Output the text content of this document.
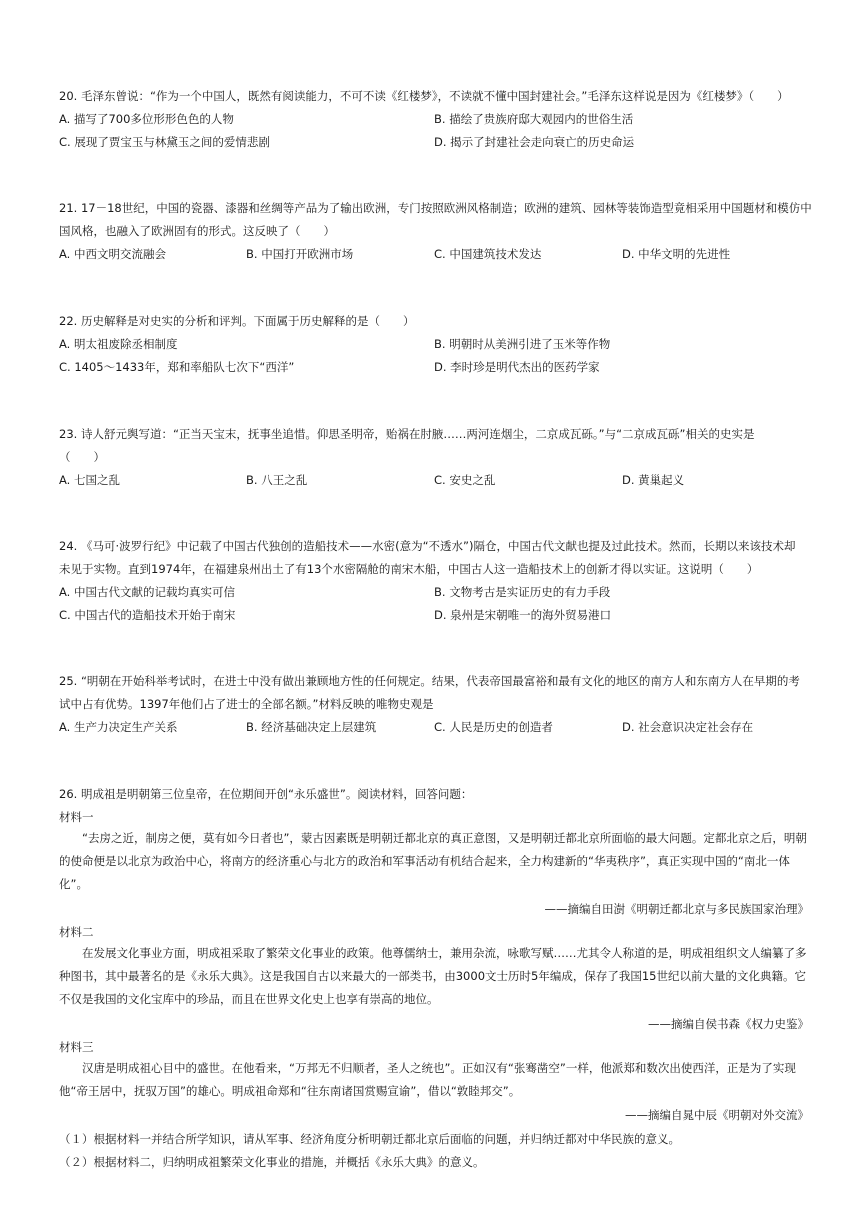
20. 毛泽东曾说：“作为一个中国人，既然有阅读能力，不可不读《红楼梦》，不读就不懂中国封建社会。”毛泽东这样说是因为《红楼梦》（　　）
A. 描写了700多位形形色色的人物	B. 描绘了贵族府邸大观园内的世俗生活
C. 展现了贾宝玉与林黛玉之间的爱情悲剧	D. 揭示了封建社会走向衰亡的历史命运
21. 17－18世纪，中国的瓷器、漆器和丝绸等产品为了输出欧洲，专门按照欧洲风格制造；欧洲的建筑、园林等装饰造型竟相采用中国题材和模仿中
国风格，也融入了欧洲固有的形式。这反映了（　　）
A. 中西文明交流融会	B. 中国打开欧洲市场	C. 中国建筑技术发达	D. 中华文明的先进性
22. 历史解释是对史实的分析和评判。下面属于历史解释的是（　　）
A. 明太祖废除丞相制度	B. 明朝时从美洲引进了玉米等作物
C. 1405～1433年，郑和率船队七次下“西洋”	D. 李时珍是明代杰出的医药学家
23. 诗人舒元舆写道：“正当天宝末，抚事坐追惜。仰思圣明帝，贻祸在肘腋……两河连烟尘，二京成瓦砾。”与“二京成瓦砾”相关的史实是
（　　）
A. 七国之乱	B. 八王之乱	C. 安史之乱	D. 黄巢起义
24. 《马可·波罗行纪》中记载了中国古代独创的造船技术——水密(意为“不透水”)隔仓，中国古代文献也提及过此技术。然而，长期以来该技术却
未见于实物。直到1974年，在福建泉州出土了有13个水密隔舱的南宋木船，中国古人这一造船技术上的创新才得以实证。这说明（　　）
A. 中国古代文献的记载均真实可信	B. 文物考古是实证历史的有力手段
C. 中国古代的造船技术开始于南宋	D. 泉州是宋朝唯一的海外贸易港口
25. “明朝在开始科举考试时，在进士中没有做出兼顾地方性的任何规定。结果，代表帝国最富裕和最有文化的地区的南方人和东南方人在早期的考
试中占有优势。1397年他们占了进士的全部名额。”材料反映的唯物史观是
A. 生产力决定生产关系	B. 经济基础决定上层建筑	C. 人民是历史的创造者	D. 社会意识决定社会存在
26. 明成祖是明朝第三位皇帝，在位期间开创“永乐盛世”。阅读材料，回答问题：
材料一
“去房之近，制房之便，莫有如今日者也”，蒙古因素既是明朝迁都北京的真正意图，又是明朝迁都北京所面临的最大问题。定都北京之后，明朝的使命便是以北京为政治中心，将南方的经济重心与北方的政治和军事活动有机结合起来，全力构建新的“华夷秩序”，真正实现中国的“南北一体化”。
——摘编自田澍《明朝迁都北京与多民族国家治理》
材料二
在发展文化事业方面，明成祖采取了繁荣文化事业的政策。他尊儒纳士，兼用杂流，咏歌写赋……尤其令人称道的是，明成祖组织文人编纂了多种图书，其中最著名的是《永乐大典》。这是我国自古以来最大的一部类书，由3000文士历时5年编成，保存了我国15世纪以前大量的文化典籍。它不仅是我国的文化宝库中的珍品，而且在世界文化史上也享有崇高的地位。
——摘编自侯书森《权力史鉴》
材料三
汉唐是明成祖心目中的盛世。在他看来，“万邦无不归顺者，圣人之统也”。正如汉有“张骞凿空”一样，他派郑和数次出使西洋，正是为了实现他“帝王居中，抚驭万国”的雄心。明成祖命郑和“往东南诸国赏赐宣谕”，借以“敦睦邦交”。
——摘编自晁中辰《明朝对外交流》
（１）根据材料一并结合所学知识，请从军事、经济角度分析明朝迁都北京后面临的问题，并归纳迁都对中华民族的意义。
（２）根据材料二，归纳明成祖繁荣文化事业的措施，并概括《永乐大典》的意义。
